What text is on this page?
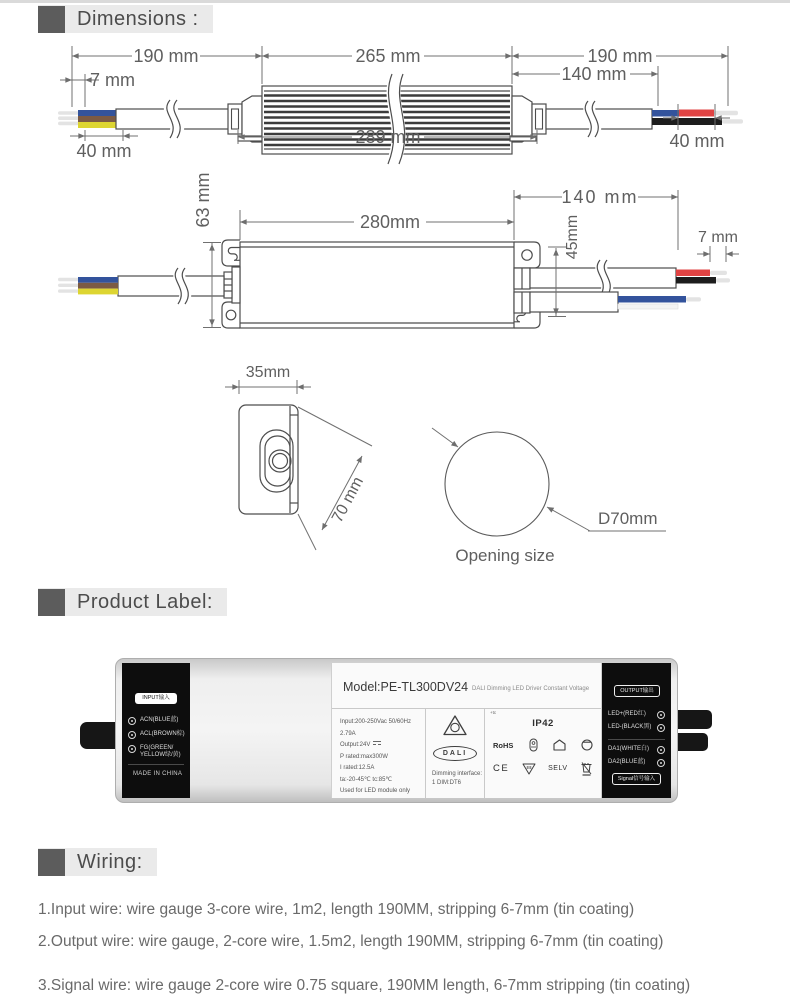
Dimensions :
Product Label:
Wiring:
190 mm	265 mm	190 mm
7 mm	140 mm
40 mm
289 mm	40 mm
63 mm	280mm
140 mm
45mm	7 mm
35mm
70 mm	D70mm
Opening size
INPUT输入
ACN(BLUE蓝)
ACL(BROWN棕)
FG(GREEN/ YELLOW绿/黄)
MADE IN CHINA
Model:PE-TL300DV24 DALI Dimming LED Driver Constant Voltage
Input:200-250Vac 50/60Hz 2.79A
Output:24V
P rated:max300W
I rated:12.5A
ta:-20-45℃ tc:85℃
Used for LED module only
DALI
Dimming interface:
1 DIM:DT6
+tc
IP42
RoHS
CE	SELV
OUTPUT输出
LED+(RED红)
LED-(BLACK黑)
DA1(WHITE白)
DA2(BLUE蓝)
Signal信号输入

1.Input wire: wire gauge 3-core wire, 1m2, length 190MM, stripping 6-7mm (tin coating)

2.Output wire: wire gauge, 2-core wire, 1.5m2, length 190MM, stripping 6-7mm (tin coating)

3.Signal wire: wire gauge 2-core wire 0.75 square, 190MM length, 6-7mm stripping (tin coating)
